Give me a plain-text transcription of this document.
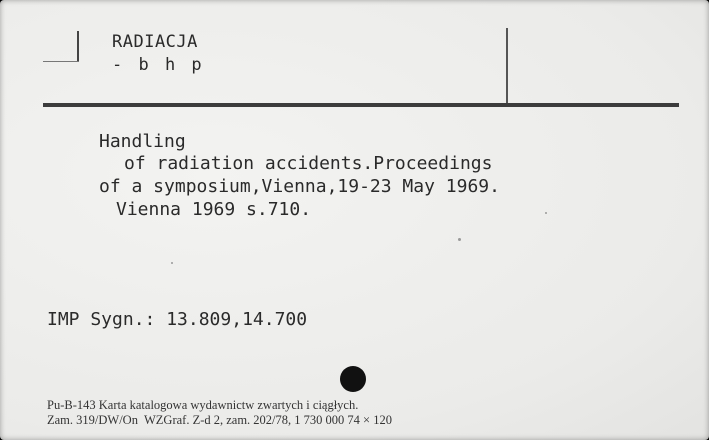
RADIACJA
- b h p
Handling
of radiation accidents.Proceedings
of a symposium,Vienna,19-23 May 1969.
Vienna 1969 s.710.
IMP Sygn.: 13.809,14.700
Pu-B-143 Karta katalogowa wydawnictw zwartych i ciągłych.
Zam. 319/DW/On  WZGraf. Z-d 2, zam. 202/78, 1 730 000 74 × 120
